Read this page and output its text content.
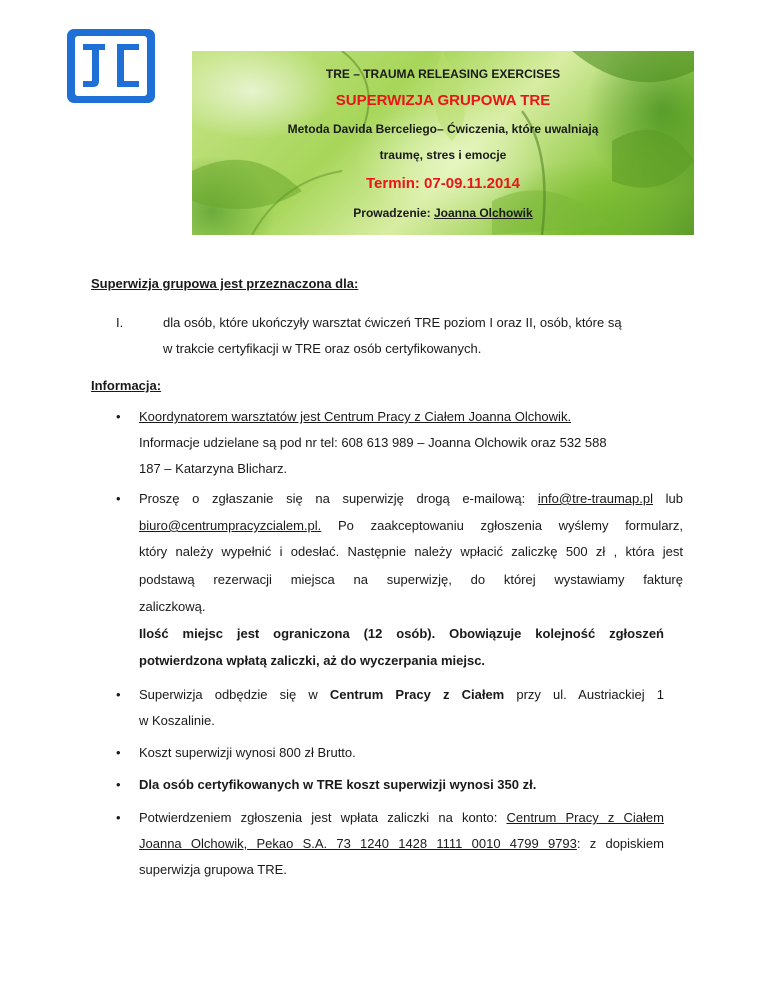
TRE – TRAUMA RELEASING EXERCISES
SUPERWIZJA GRUPOWA TRE
Metoda Davida Berceliego– Ćwiczenia, które uwalniają
traumę, stres i emocje
Termin: 07-09.11.2014
Prowadzenie: Joanna Olchowik
Superwizja grupowa jest przeznaczona dla:
I.	dla osób, które ukończyły warsztat ćwiczeń TRE poziom I oraz II, osób, które są
w trakcie certyfikacji w TRE oraz osób certyfikowanych.
Informacja:
• Koordynatorem warsztatów jest Centrum Pracy z Ciałem Joanna Olchowik.
Informacje udzielane są pod nr tel: 608 613 989 – Joanna Olchowik oraz 532 588
187 – Katarzyna Blicharz.
• Proszę o zgłaszanie się na superwizję drogą e-mailową: info@tre-traumap.pl lub
biuro@centrumpracyzcialem.pl. Po zaakceptowaniu zgłoszenia wyślemy formularz,
który należy wypełnić i odesłać. Następnie należy wpłacić zaliczkę 500 zł , która jest
podstawą rezerwacji miejsca na superwizję, do której wystawiamy fakturę
zaliczkową.
Ilość miejsc jest ograniczona (12 osób). Obowiązuje kolejność zgłoszeń
potwierdzona wpłatą zaliczki, aż do wyczerpania miejsc.
• Superwizja odbędzie się w Centrum Pracy z Ciałem przy ul. Austriackiej 1
w Koszalinie.
• Koszt superwizji wynosi 800 zł Brutto.
• Dla osób certyfikowanych w TRE koszt superwizji wynosi 350 zł.
• Potwierdzeniem zgłoszenia jest wpłata zaliczki na konto: Centrum Pracy z Ciałem
Joanna Olchowik, Pekao S.A. 73 1240 1428 1111 0010 4799 9793: z dopiskiem
superwizja grupowa TRE.
